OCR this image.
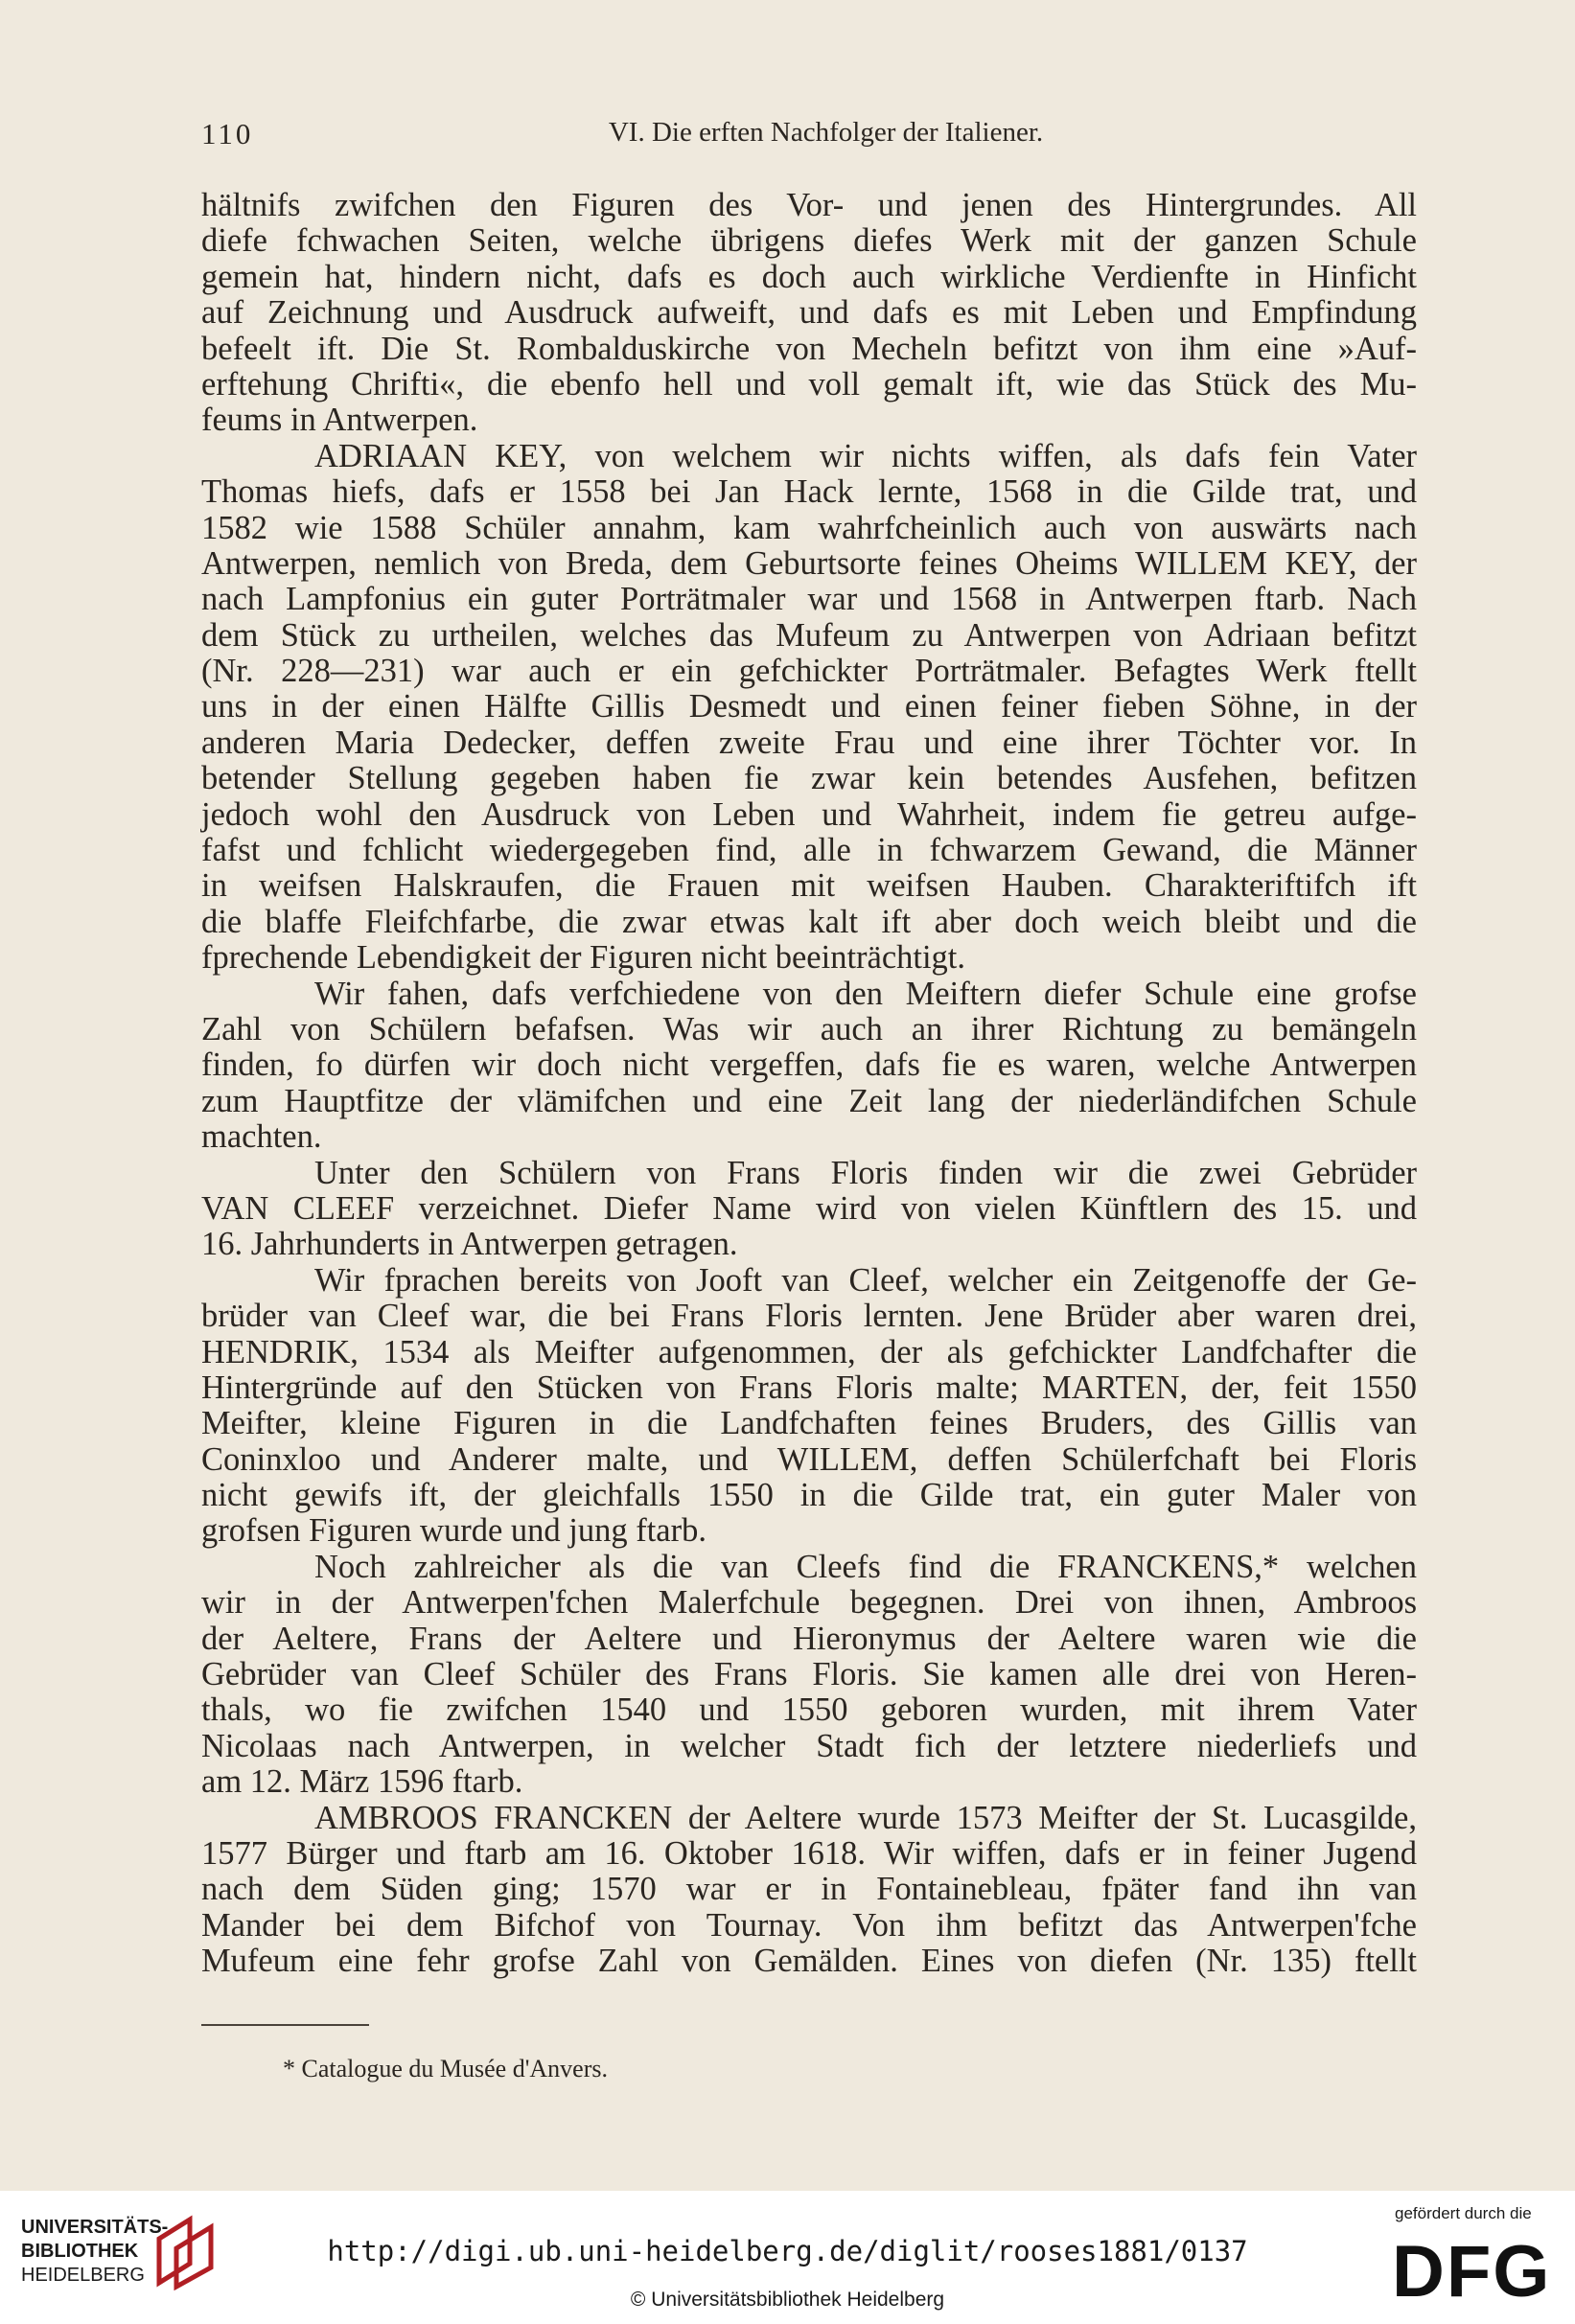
110	VI. Die erften Nachfolger der Italiener.
hältnifs zwifchen den Figuren des Vor- und jenen des Hintergrundes. All
diefe fchwachen Seiten, welche übrigens diefes Werk mit der ganzen Schule
gemein hat, hindern nicht, dafs es doch auch wirkliche Verdienfte in Hinficht
auf Zeichnung und Ausdruck aufweift, und dafs es mit Leben und Empfindung
befeelt ift. Die St. Rombalduskirche von Mecheln befitzt von ihm eine »Auf-
erftehung Chrifti«, die ebenfo hell und voll gemalt ift, wie das Stück des Mu-
feums in Antwerpen.
ADRIAAN KEY, von welchem wir nichts wiffen, als dafs fein Vater
Thomas hiefs, dafs er 1558 bei Jan Hack lernte, 1568 in die Gilde trat, und
1582 wie 1588 Schüler annahm, kam wahrfcheinlich auch von auswärts nach
Antwerpen, nemlich von Breda, dem Geburtsorte feines Oheims WILLEM KEY, der
nach Lampfonius ein guter Porträtmaler war und 1568 in Antwerpen ftarb. Nach
dem Stück zu urtheilen, welches das Mufeum zu Antwerpen von Adriaan befitzt
(Nr. 228—231) war auch er ein gefchickter Porträtmaler. Befagtes Werk ftellt
uns in der einen Hälfte Gillis Desmedt und einen feiner fieben Söhne, in der
anderen Maria Dedecker, deffen zweite Frau und eine ihrer Töchter vor. In
betender Stellung gegeben haben fie zwar kein betendes Ausfehen, befitzen
jedoch wohl den Ausdruck von Leben und Wahrheit, indem fie getreu aufge-
fafst und fchlicht wiedergegeben find, alle in fchwarzem Gewand, die Männer
in weifsen Halskraufen, die Frauen mit weifsen Hauben. Charakteriftifch ift
die blaffe Fleifchfarbe, die zwar etwas kalt ift aber doch weich bleibt und die
fprechende Lebendigkeit der Figuren nicht beeinträchtigt.
Wir fahen, dafs verfchiedene von den Meiftern diefer Schule eine grofse
Zahl von Schülern befafsen. Was wir auch an ihrer Richtung zu bemängeln
finden, fo dürfen wir doch nicht vergeffen, dafs fie es waren, welche Antwerpen
zum Hauptfitze der vlämifchen und eine Zeit lang der niederländifchen Schule
machten.
Unter den Schülern von Frans Floris finden wir die zwei Gebrüder
VAN CLEEF verzeichnet. Diefer Name wird von vielen Künftlern des 15. und
16. Jahrhunderts in Antwerpen getragen.
Wir fprachen bereits von Jooft van Cleef, welcher ein Zeitgenoffe der Ge-
brüder van Cleef war, die bei Frans Floris lernten. Jene Brüder aber waren drei,
HENDRIK, 1534 als Meifter aufgenommen, der als gefchickter Landfchafter die
Hintergründe auf den Stücken von Frans Floris malte; MARTEN, der, feit 1550
Meifter, kleine Figuren in die Landfchaften feines Bruders, des Gillis van
Coninxloo und Anderer malte, und WILLEM, deffen Schülerfchaft bei Floris
nicht gewifs ift, der gleichfalls 1550 in die Gilde trat, ein guter Maler von
grofsen Figuren wurde und jung ftarb.
Noch zahlreicher als die van Cleefs find die FRANCKENS,* welchen
wir in der Antwerpen'fchen Malerfchule begegnen. Drei von ihnen, Ambroos
der Aeltere, Frans der Aeltere und Hieronymus der Aeltere waren wie die
Gebrüder van Cleef Schüler des Frans Floris. Sie kamen alle drei von Heren-
thals, wo fie zwifchen 1540 und 1550 geboren wurden, mit ihrem Vater
Nicolaas nach Antwerpen, in welcher Stadt fich der letztere niederliefs und
am 12. März 1596 ftarb.
AMBROOS FRANCKEN der Aeltere wurde 1573 Meifter der St. Lucasgilde,
1577 Bürger und ftarb am 16. Oktober 1618. Wir wiffen, dafs er in feiner Jugend
nach dem Süden ging; 1570 war er in Fontainebleau, fpäter fand ihn van
Mander bei dem Bifchof von Tournay. Von ihm befitzt das Antwerpen'fche
Mufeum eine fehr grofse Zahl von Gemälden. Eines von diefen (Nr. 135) ftellt
* Catalogue du Musée d'Anvers.
UNIVERSITÄTS-
BIBLIOTHEK
HEIDELBERG
http://digi.ub.uni-heidelberg.de/diglit/rooses1881/0137
© Universitätsbibliothek Heidelberg
gefördert durch die
DFG
